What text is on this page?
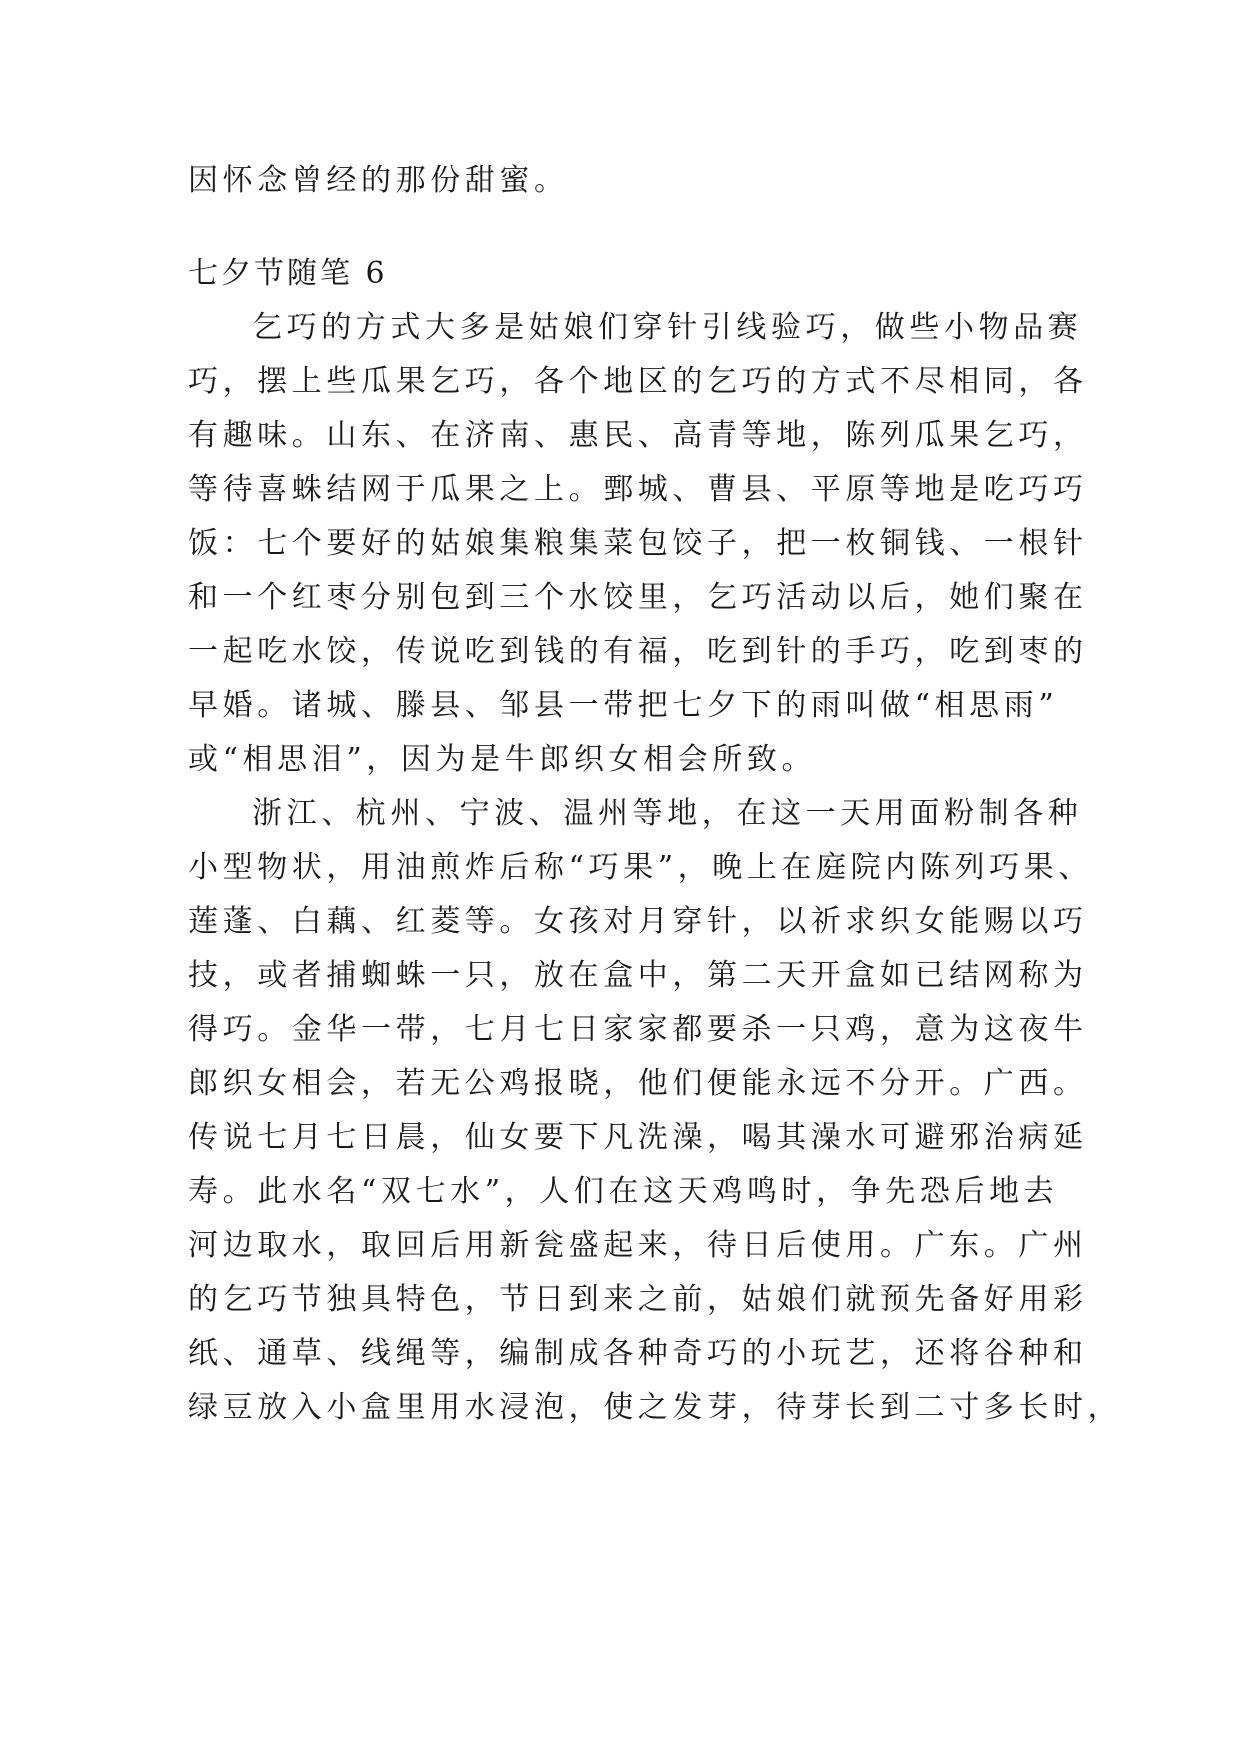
因怀念曾经的那份甜蜜。
七夕节随笔 6
乞巧的方式大多是姑娘们穿针引线验巧，做些小物品赛
巧，摆上些瓜果乞巧，各个地区的乞巧的方式不尽相同，各
有趣味。山东、在济南、惠民、高青等地，陈列瓜果乞巧，
等待喜蛛结网于瓜果之上。鄄城、曹县、平原等地是吃巧巧
饭：七个要好的姑娘集粮集菜包饺子，把一枚铜钱、一根针
和一个红枣分别包到三个水饺里，乞巧活动以后，她们聚在
一起吃水饺，传说吃到钱的有福，吃到针的手巧，吃到枣的
早婚。诸城、滕县、邹县一带把七夕下的雨叫做“相思雨”
或“相思泪”，因为是牛郎织女相会所致。
浙江、杭州、宁波、温州等地，在这一天用面粉制各种
小型物状，用油煎炸后称“巧果”，晚上在庭院内陈列巧果、
莲蓬、白藕、红菱等。女孩对月穿针，以祈求织女能赐以巧
技，或者捕蜘蛛一只，放在盒中，第二天开盒如已结网称为
得巧。金华一带，七月七日家家都要杀一只鸡，意为这夜牛
郎织女相会，若无公鸡报晓，他们便能永远不分开。广西。
传说七月七日晨，仙女要下凡洗澡，喝其澡水可避邪治病延
寿。此水名“双七水”，人们在这天鸡鸣时，争先恐后地去
河边取水，取回后用新瓮盛起来，待日后使用。广东。广州
的乞巧节独具特色，节日到来之前，姑娘们就预先备好用彩
纸、通草、线绳等，编制成各种奇巧的小玩艺，还将谷种和
绿豆放入小盒里用水浸泡，使之发芽，待芽长到二寸多长时，
